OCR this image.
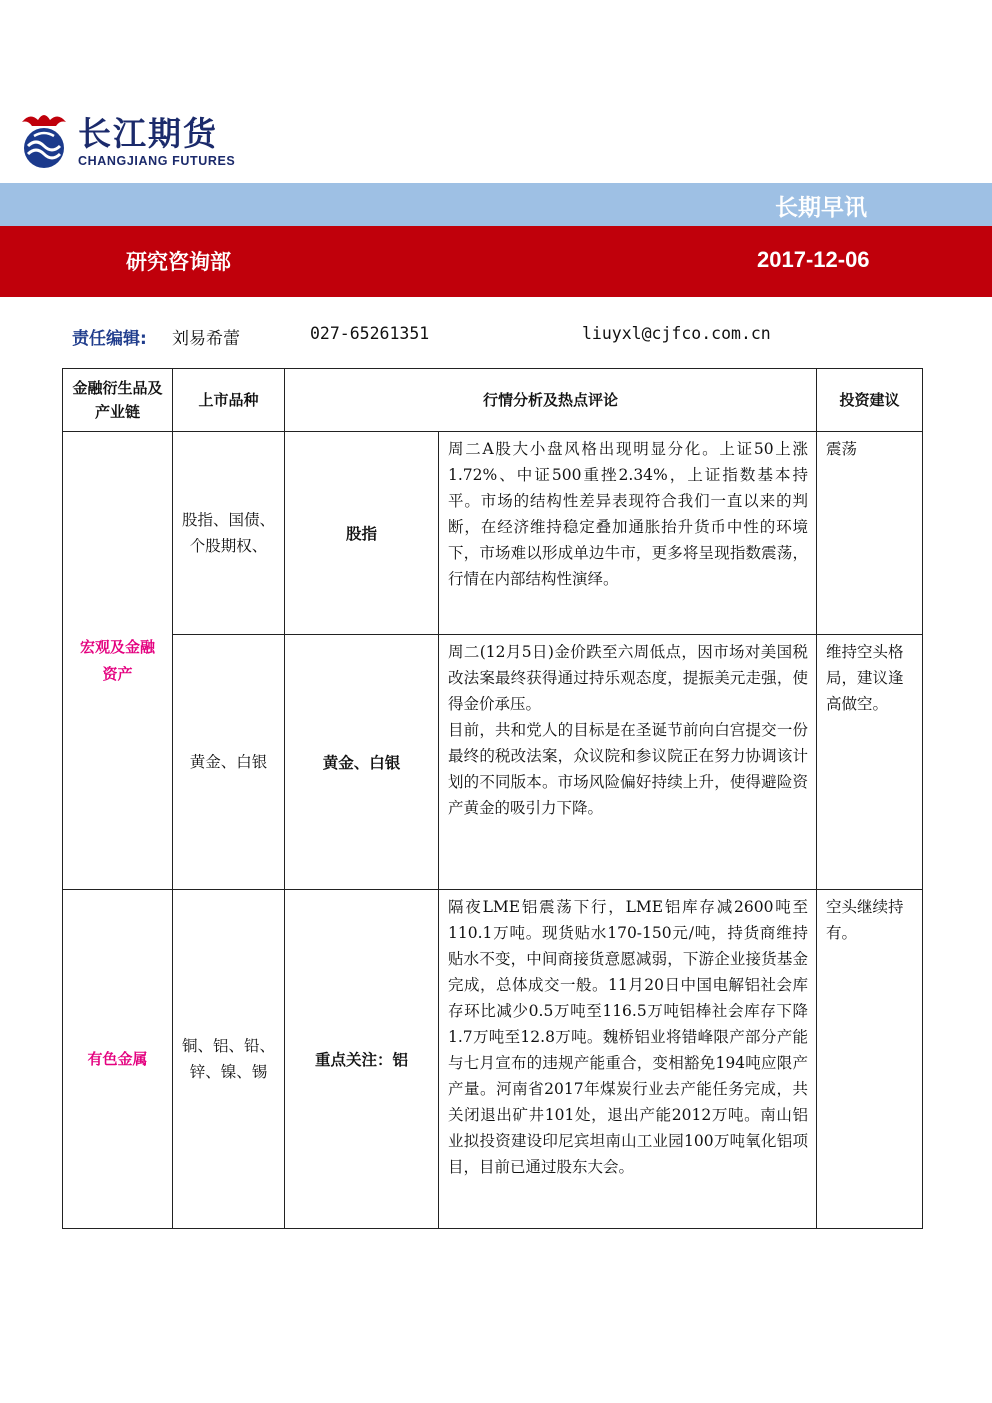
长江期货
CHANGJIANG FUTURES
长期早讯
研究咨询部	2017-12-06
责任编辑: 刘易希蕾	027-65261351	liuyxl@cjfco.com.cn
金融衍生品及产业链	上市品种	行情分析及热点评论		投资建议
宏观及金融资产	股指、国债、个股期权、	股指	周二A股大小盘风格出现明显分化。上证50上涨1.72%、中证500重挫2.34%，上证指数基本持平。市场的结构性差异表现符合我们一直以来的判断，在经济维持稳定叠加通胀抬升货币中性的环境下，市场难以形成单边牛市，更多将呈现指数震荡，行情在内部结构性演绎。	震荡
	黄金、白银	黄金、白银	周二(12月5日)金价跌至六周低点，因市场对美国税改法案最终获得通过持乐观态度，提振美元走强，使得金价承压。
目前，共和党人的目标是在圣诞节前向白宫提交一份最终的税改法案，众议院和参议院正在努力协调该计划的不同版本。市场风险偏好持续上升，使得避险资产黄金的吸引力下降。	维持空头格局，建议逢高做空。
有色金属	铜、铝、铅、锌、镍、锡	重点关注：铝	隔夜LME铝震荡下行，LME铝库存减2600吨至110.1万吨。现货贴水170-150元/吨，持货商维持贴水不变，中间商接货意愿减弱，下游企业接货基金完成，总体成交一般。11月20日中国电解铝社会库存环比减少0.5万吨至116.5万吨铝棒社会库存下降1.7万吨至12.8万吨。魏桥铝业将错峰限产部分产能与七月宣布的违规产能重合，变相豁免194吨应限产产量。河南省2017年煤炭行业去产能任务完成，共关闭退出矿井101处，退出产能2012万吨。南山铝业拟投资建设印尼宾坦南山工业园100万吨氧化铝项目，目前已通过股东大会。	空头继续持有。
